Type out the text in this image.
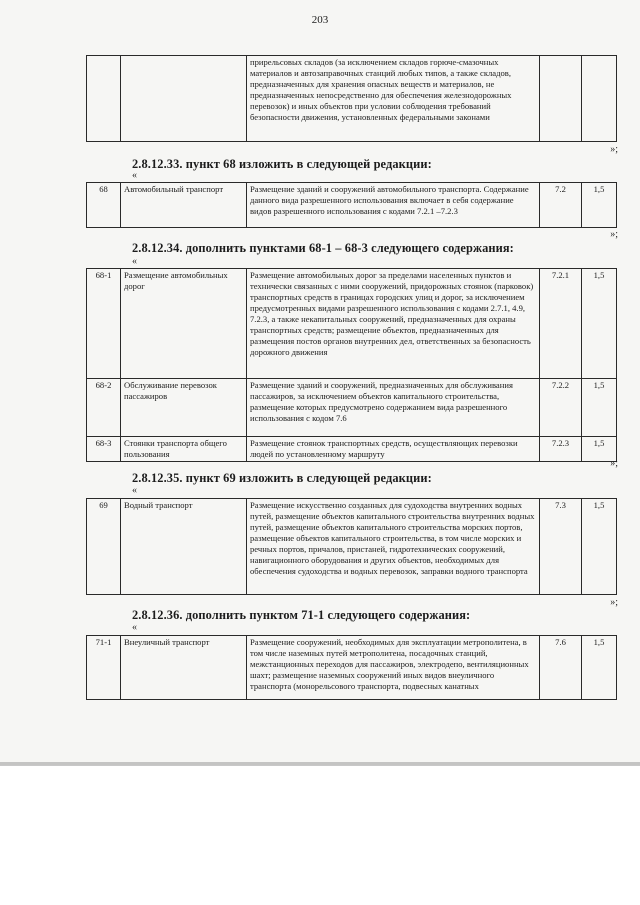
203
		прирельсовых складов (за исключением складов горюче-смазочных материалов и автозаправочных станций любых типов, а также складов, предназначенных для хранения опасных веществ и материалов, не предназначенных непосредственно для обеспечения железнодорожных перевозок) и иных объектов при условии соблюдения требований безопасности движения, установленных федеральными законами		
»;
2.8.12.33. пункт 68 изложить в следующей редакции:
«
68	Автомобильный транспорт	Размещение зданий и сооружений автомобильного транспорта. Содержание данного вида разрешенного использования включает в себя содержание видов разрешенного использования с кодами 7.2.1 –7.2.3	7.2	1,5
»;
2.8.12.34. дополнить пунктами 68-1 – 68-3 следующего содержания:
«
68-1	Размещение автомобильных дорог	Размещение автомобильных дорог за пределами населенных пунктов и технически связанных с ними сооружений, придорожных стоянок (парковок) транспортных средств в границах городских улиц и дорог, за исключением предусмотренных видами разрешенного использования с кодами 2.7.1, 4.9, 7.2.3, а также некапитальных сооружений, предназначенных для охраны транспортных средств; размещение объектов, предназначенных для размещения постов органов внутренних дел, ответственных за безопасность дорожного движения	7.2.1	1,5
68-2	Обслуживание перевозок пассажиров	Размещение зданий и сооружений, предназначенных для обслуживания пассажиров, за исключением объектов капитального строительства, размещение которых предусмотрено содержанием вида разрешенного использования с кодом 7.6	7.2.2	1,5
68-3	Стоянки транспорта общего пользования	Размещение стоянок транспортных средств, осуществляющих перевозки людей по установленному маршруту	7.2.3	1,5
»;
2.8.12.35. пункт 69 изложить в следующей редакции:
«
69	Водный транспорт	Размещение искусственно созданных для судоходства внутренних водных путей, размещение объектов капитального строительства внутренних водных путей, размещение объектов капитального строительства морских портов, размещение объектов капитального строительства, в том числе морских и речных портов, причалов, пристаней, гидротехнических сооружений, навигационного оборудования и других объектов, необходимых для обеспечения судоходства и водных перевозок, заправки водного транспорта	7.3	1,5
»;
2.8.12.36. дополнить пунктом 71-1 следующего содержания:
«
71-1	Внеуличный транспорт	Размещение сооружений, необходимых для эксплуатации метрополитена, в том числе наземных путей метрополитена, посадочных станций, межстанционных переходов для пассажиров, электродепо, вентиляционных шахт; размещение наземных сооружений иных видов внеуличного транспорта (монорельсового транспорта, подвесных канатных	7.6	1,5
